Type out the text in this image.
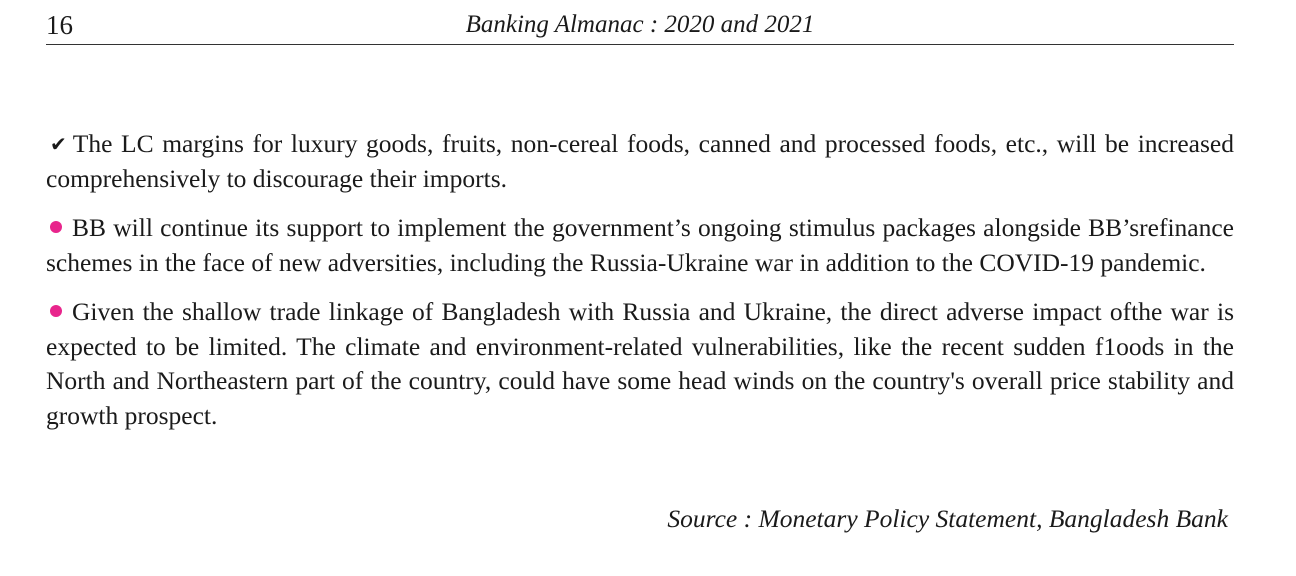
16	Banking Almanac : 2020 and 2021

✔ The LC margins for luxury goods, fruits, non-cereal foods, canned and processed foods, etc., will be increased comprehensively to discourage their imports.

BB will continue its support to implement the government’s ongoing stimulus packages alongside BB’srefinance schemes in the face of new adversities, including the Russia-Ukraine war in addition to the COVID-19 pandemic.

Given the shallow trade linkage of Bangladesh with Russia and Ukraine, the direct adverse impact ofthe war is expected to be limited. The climate and environment-related vulnerabilities, like the recent sudden f1oods in the North and Northeastern part of the country, could have some head winds on the country's overall price stability and growth prospect.

Source : Monetary Policy Statement, Bangladesh Bank
